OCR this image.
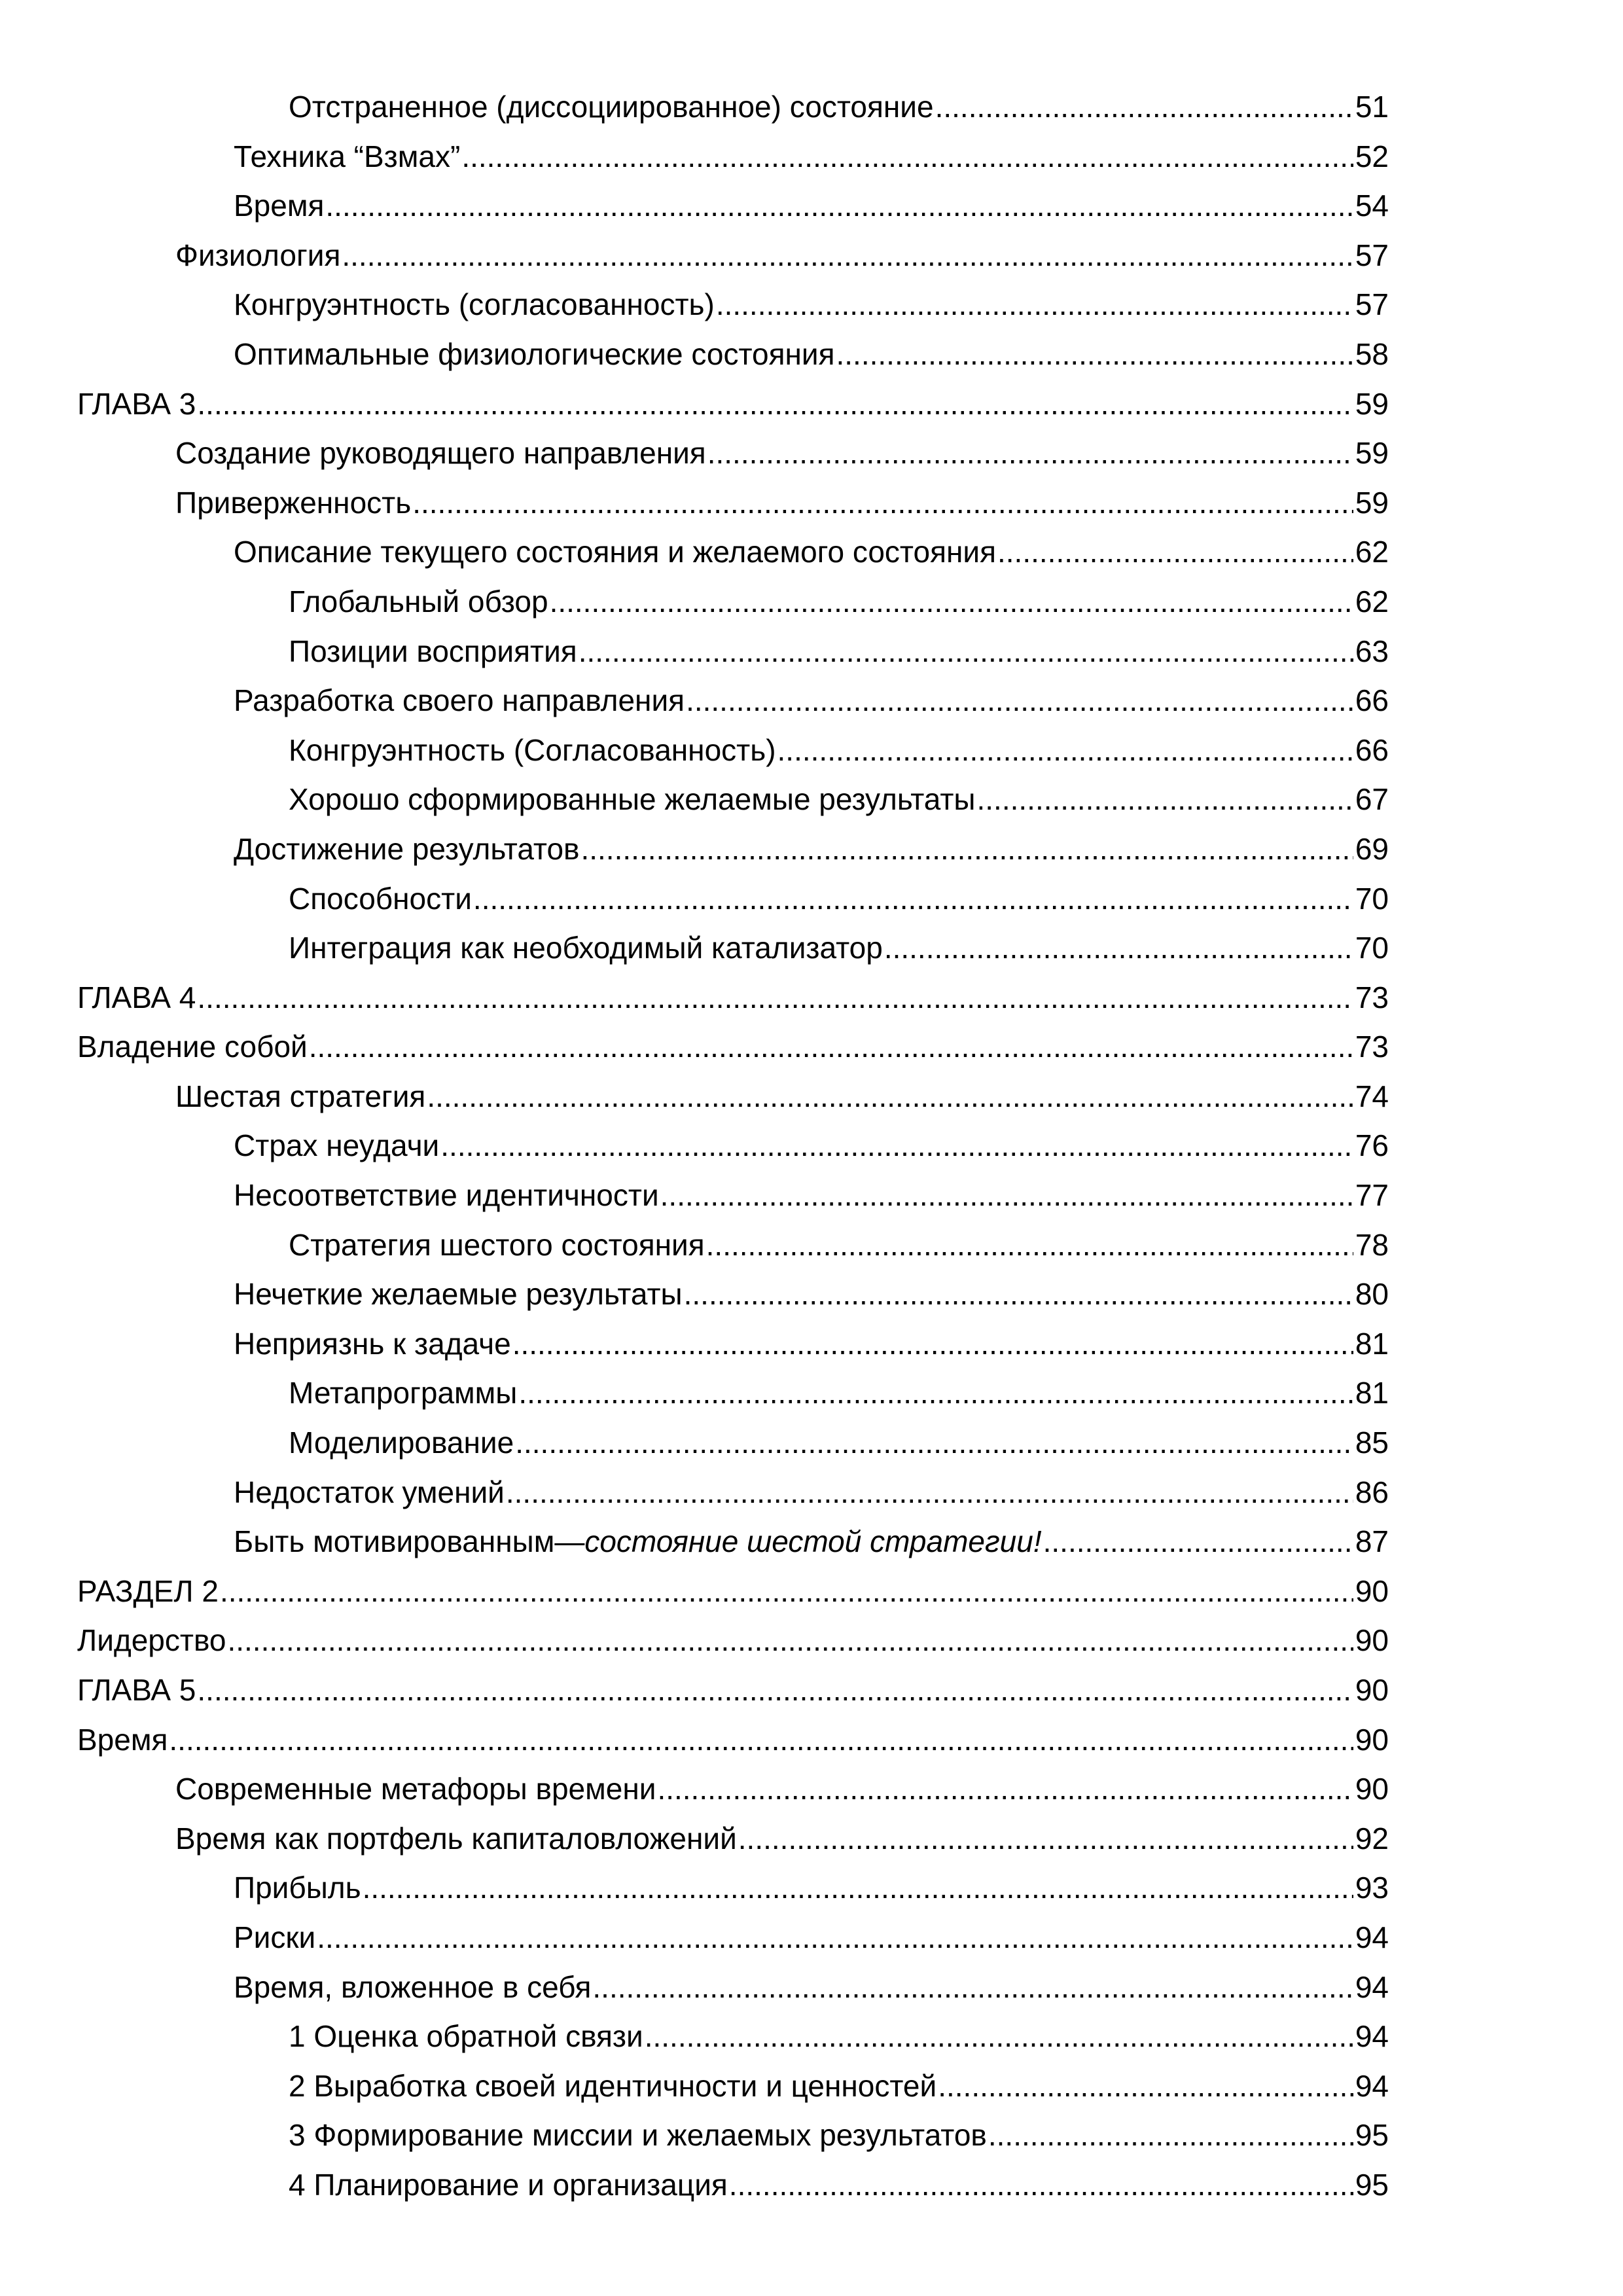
Отстраненное (диссоциированное) состояние .....	51
Техника “Взмах” .....	52
Время .....	54
Физиология .....	57
Конгруэнтность (согласованность) .....	57
Оптимальные физиологические состояния .....	58
ГЛАВА 3 .....	59
Создание руководящего направления .....	59
Приверженность .....	59
Описание текущего состояния и желаемого состояния .....	62
Глобальный обзор .....	62
Позиции восприятия .....	63
Разработка своего направления .....	66
Конгруэнтность (Согласованность) .....	66
Хорошо сформированные желаемые результаты .....	67
Достижение результатов .....	69
Способности .....	70
Интеграция как необходимый катализатор .....	70
ГЛАВА 4 .....	73
Владение собой .....	73
Шестая стратегия .....	74
Страх неудачи .....	76
Несоответствие идентичности .....	77
Стратегия шестого состояния .....	78
Нечеткие желаемые результаты .....	80
Неприязнь к задаче .....	81
Метапрограммы .....	81
Моделирование .....	85
Недостаток умений .....	86
Быть мотивированным—состояние шестой стратегии! .....	87
РАЗДЕЛ 2 .....	90
Лидерство .....	90
ГЛАВА 5 .....	90
Время .....	90
Современные метафоры времени .....	90
Время как портфель капиталовложений .....	92
Прибыль .....	93
Риски .....	94
Время, вложенное в себя .....	94
1 Оценка обратной связи .....	94
2 Выработка своей идентичности и ценностей .....	94
3 Формирование миссии и желаемых результатов .....	95
4 Планирование и организация .....	95
